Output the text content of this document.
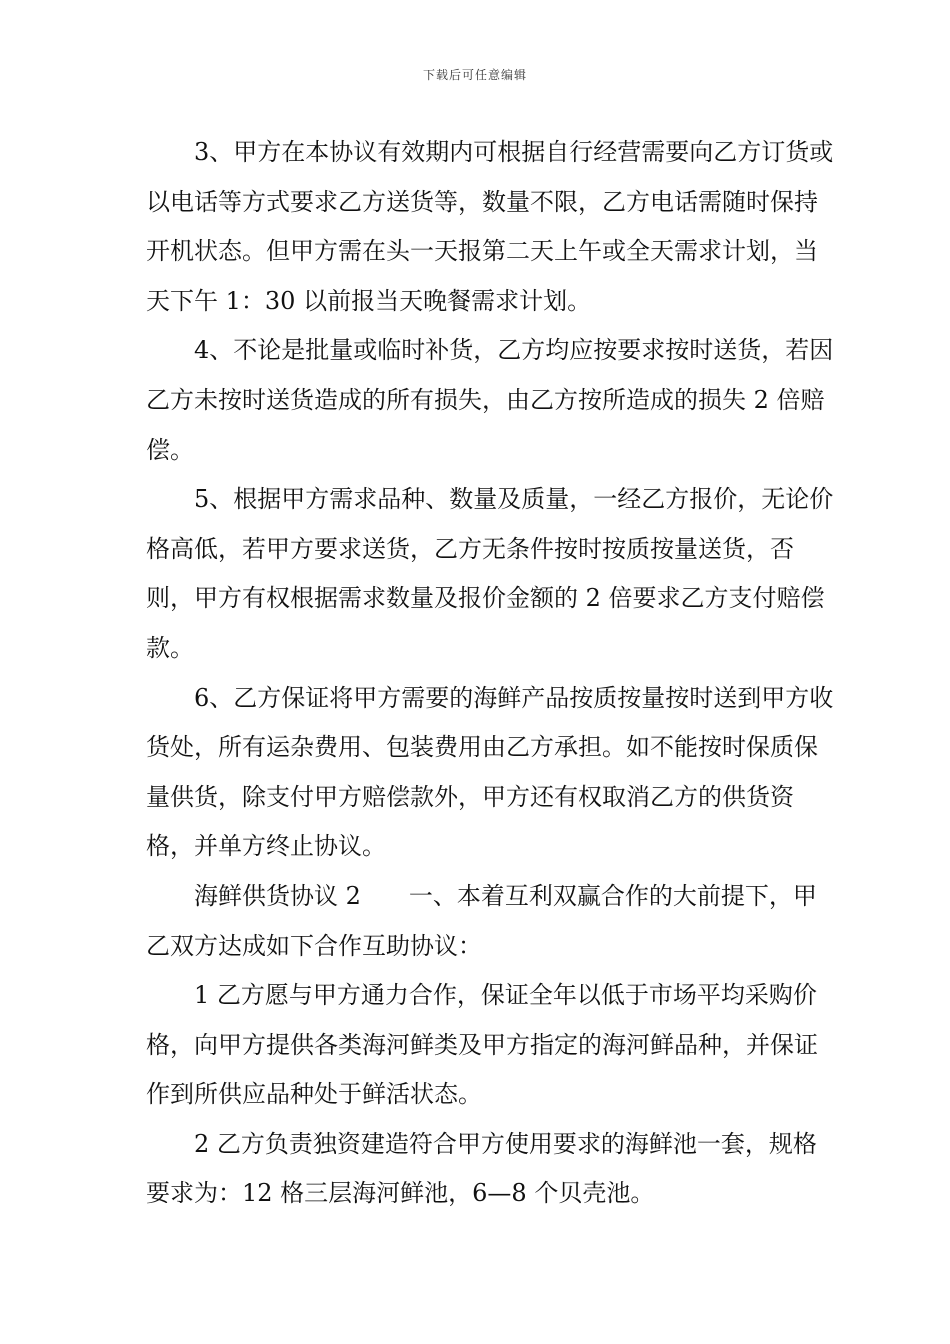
下载后可任意编辑

3、甲方在本协议有效期内可根据自行经营需要向乙方订货或以电话等方式要求乙方送货等，数量不限，乙方电话需随时保持开机状态。但甲方需在头一天报第二天上午或全天需求计划，当天下午 1：30 以前报当天晚餐需求计划。

4、不论是批量或临时补货，乙方均应按要求按时送货，若因乙方未按时送货造成的所有损失，由乙方按所造成的损失 2 倍赔偿。

5、根据甲方需求品种、数量及质量，一经乙方报价，无论价格高低，若甲方要求送货，乙方无条件按时按质按量送货，否则，甲方有权根据需求数量及报价金额的 2 倍要求乙方支付赔偿款。

6、乙方保证将甲方需要的海鲜产品按质按量按时送到甲方收货处，所有运杂费用、包装费用由乙方承担。如不能按时保质保量供货，除支付甲方赔偿款外，甲方还有权取消乙方的供货资格，并单方终止协议。

海鲜供货协议 2　　一、本着互利双赢合作的大前提下，甲乙双方达成如下合作互助协议：

1 乙方愿与甲方通力合作，保证全年以低于市场平均采购价格，向甲方提供各类海河鲜类及甲方指定的海河鲜品种，并保证作到所供应品种处于鲜活状态。

2 乙方负责独资建造符合甲方使用要求的海鲜池一套，规格要求为：12 格三层海河鲜池，6—8 个贝壳池。
